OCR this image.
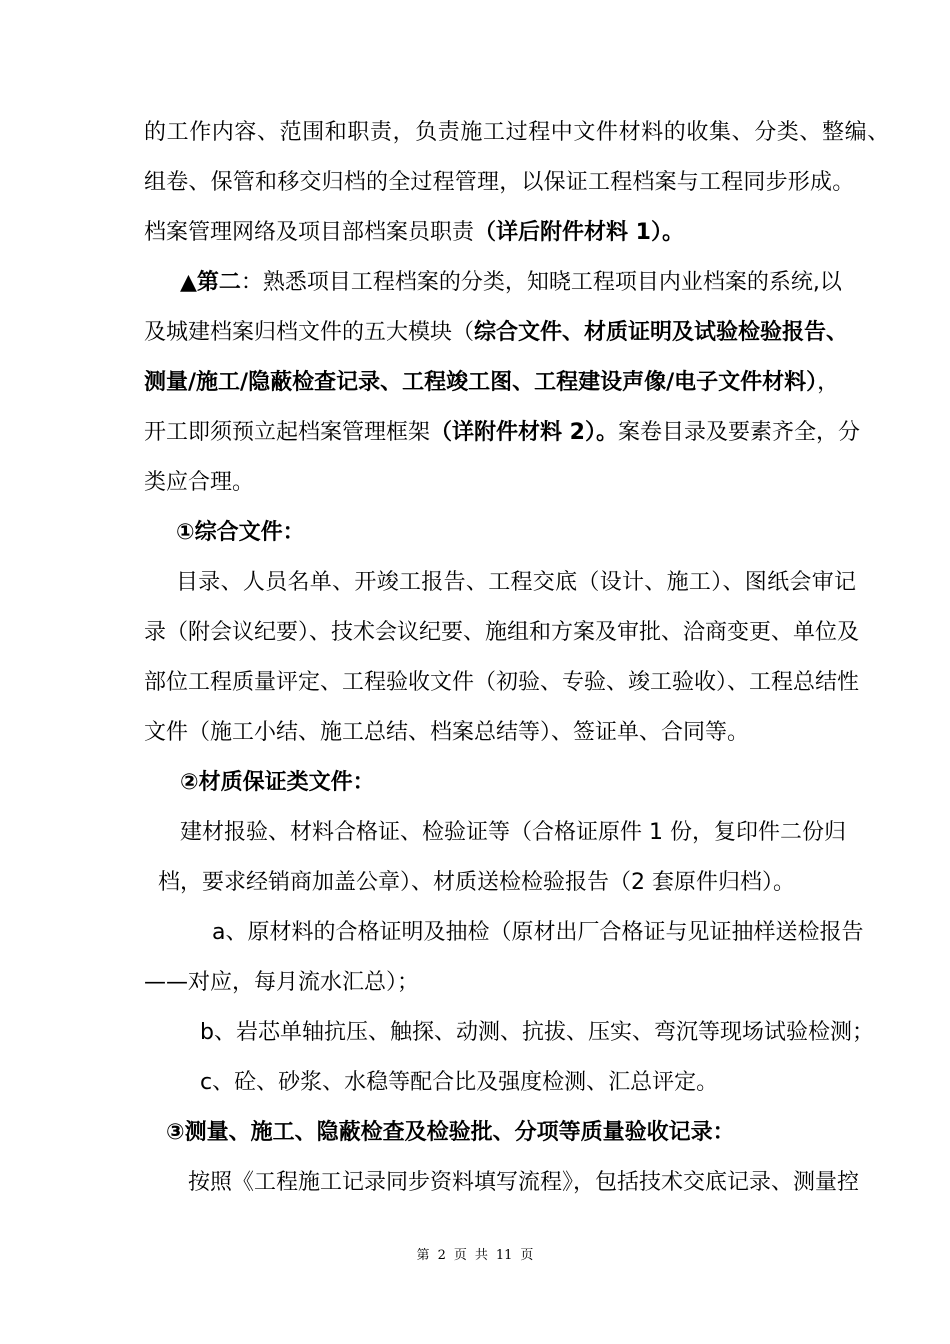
的工作内容、范围和职责，负责施工过程中文件材料的收集、分类、整编、
组卷、保管和移交归档的全过程管理，以保证工程档案与工程同步形成。
档案管理网络及项目部档案员职责（详后附件材料 1）。
▲第二：熟悉项目工程档案的分类，知晓工程项目内业档案的系统,以
及城建档案归档文件的五大模块（综合文件、材质证明及试验检验报告、
测量/施工/隐蔽检查记录、工程竣工图、工程建设声像/电子文件材料），
开工即须预立起档案管理框架（详附件材料 2）。案卷目录及要素齐全，分
类应合理。
①综合文件：
目录、人员名单、开竣工报告、工程交底（设计、施工）、图纸会审记
录（附会议纪要）、技术会议纪要、施组和方案及审批、洽商变更、单位及
部位工程质量评定、工程验收文件（初验、专验、竣工验收）、工程总结性
文件（施工小结、施工总结、档案总结等）、签证单、合同等。
②材质保证类文件：
建材报验、材料合格证、检验证等（合格证原件 1 份，复印件二份归
档，要求经销商加盖公章）、材质送检检验报告（2 套原件归档）。
a、原材料的合格证明及抽检（原材出厂合格证与见证抽样送检报告
——对应，每月流水汇总）；
b、岩芯单轴抗压、触探、动测、抗拔、压实、弯沉等现场试验检测；
c、砼、砂浆、水稳等配合比及强度检测、汇总评定。
③测量、施工、隐蔽检查及检验批、分项等质量验收记录：
按照《工程施工记录同步资料填写流程》，包括技术交底记录、测量控
第 2 页 共 11 页
